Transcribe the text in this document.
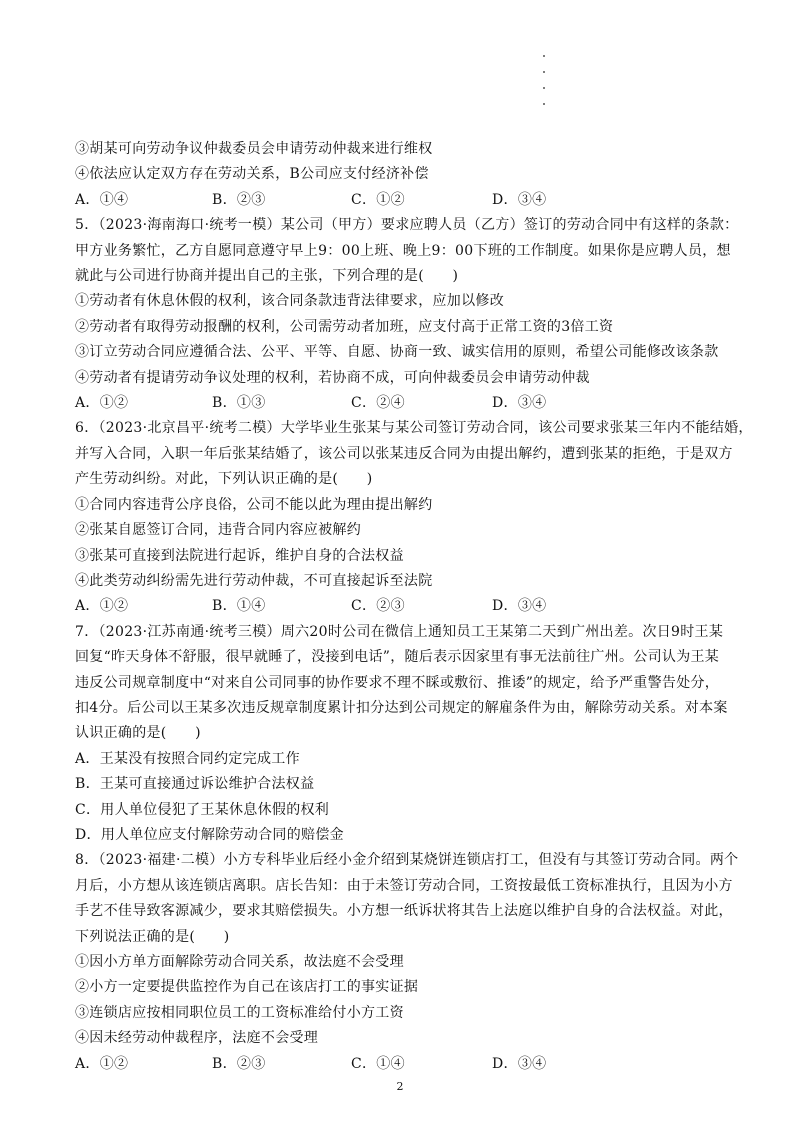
③胡某可向劳动争议仲裁委员会申请劳动仲裁来进行维权
④依法应认定双方存在劳动关系，B公司应支付经济补偿
A．①④	B．②③	C．①②	D．③④
5．（2023·海南海口·统考一模）某公司（甲方）要求应聘人员（乙方）签订的劳动合同中有这样的条款：
甲方业务繁忙，乙方自愿同意遵守早上9：00上班、晚上9：00下班的工作制度。如果你是应聘人员，想
就此与公司进行协商并提出自己的主张，下列合理的是(　　)
①劳动者有休息休假的权利，该合同条款违背法律要求，应加以修改
②劳动者有取得劳动报酬的权利，公司需劳动者加班，应支付高于正常工资的3倍工资
③订立劳动合同应遵循合法、公平、平等、自愿、协商一致、诚实信用的原则，希望公司能修改该条款
④劳动者有提请劳动争议处理的权利，若协商不成，可向仲裁委员会申请劳动仲裁
A．①②	B．①③	C．②④	D．③④
6．（2023·北京昌平·统考二模）大学毕业生张某与某公司签订劳动合同，该公司要求张某三年内不能结婚，
并写入合同，入职一年后张某结婚了，该公司以张某违反合同为由提出解约，遭到张某的拒绝，于是双方
产生劳动纠纷。对此，下列认识正确的是(　　)
①合同内容违背公序良俗，公司不能以此为理由提出解约
②张某自愿签订合同，违背合同内容应被解约
③张某可直接到法院进行起诉，维护自身的合法权益
④此类劳动纠纷需先进行劳动仲裁，不可直接起诉至法院
A．①②	B．①④	C．②③	D．③④
7．（2023·江苏南通·统考三模）周六20时公司在微信上通知员工王某第二天到广州出差。次日9时王某
回复“昨天身体不舒服，很早就睡了，没接到电话”，随后表示因家里有事无法前往广州。公司认为王某
违反公司规章制度中“对来自公司同事的协作要求不理不睬或敷衍、推诿”的规定，给予严重警告处分，
扣4分。后公司以王某多次违反规章制度累计扣分达到公司规定的解雇条件为由，解除劳动关系。对本案
认识正确的是(　　)
A．王某没有按照合同约定完成工作
B．王某可直接通过诉讼维护合法权益
C．用人单位侵犯了王某休息休假的权利
D．用人单位应支付解除劳动合同的赔偿金
8．（2023·福建·二模）小方专科毕业后经小金介绍到某烧饼连锁店打工，但没有与其签订劳动合同。两个
月后，小方想从该连锁店离职。店长告知：由于未签订劳动合同，工资按最低工资标准执行，且因为小方
手艺不佳导致客源减少，要求其赔偿损失。小方想一纸诉状将其告上法庭以维护自身的合法权益。对此，
下列说法正确的是(　　)
①因小方单方面解除劳动合同关系，故法庭不会受理
②小方一定要提供监控作为自己在该店打工的事实证据
③连锁店应按相同职位员工的工资标准给付小方工资
④因未经劳动仲裁程序，法庭不会受理
A．①②	B．②③	C．①④	D．③④
2
